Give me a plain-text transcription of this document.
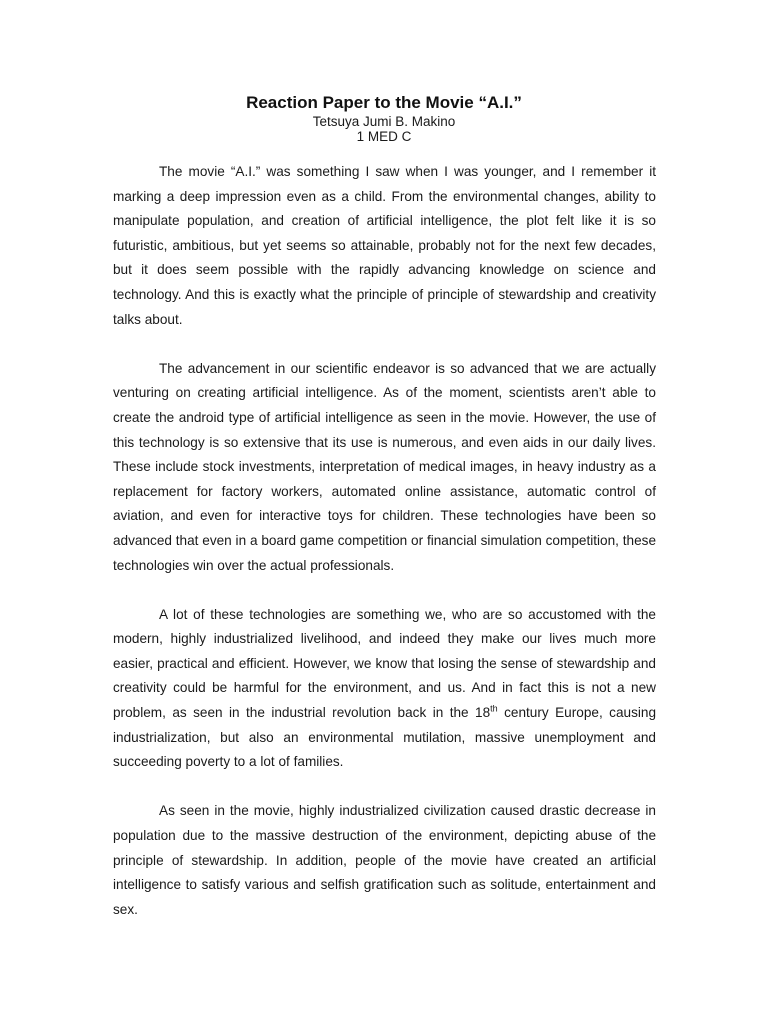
Reaction Paper to the Movie “A.I.”

Tetsuya Jumi B. Makino

1 MED C

The movie “A.I.” was something I saw when I was younger, and I remember it marking a deep impression even as a child. From the environmental changes, ability to manipulate population, and creation of artificial intelligence, the plot felt like it is so futuristic, ambitious, but yet seems so attainable, probably not for the next few decades, but it does seem possible with the rapidly advancing knowledge on science and technology. And this is exactly what the principle of principle of stewardship and creativity talks about.

The advancement in our scientific endeavor is so advanced that we are actually venturing on creating artificial intelligence. As of the moment, scientists aren’t able to create the android type of artificial intelligence as seen in the movie. However, the use of this technology is so extensive that its use is numerous, and even aids in our daily lives. These include stock investments, interpretation of medical images, in heavy industry as a replacement for factory workers, automated online assistance, automatic control of aviation, and even for interactive toys for children. These technologies have been so advanced that even in a board game competition or financial simulation competition, these technologies win over the actual professionals.

A lot of these technologies are something we, who are so accustomed with the modern, highly industrialized livelihood, and indeed they make our lives much more easier, practical and efficient. However, we know that losing the sense of stewardship and creativity could be harmful for the environment, and us. And in fact this is not a new problem, as seen in the industrial revolution back in the 18th century Europe, causing industrialization, but also an environmental mutilation, massive unemployment and succeeding poverty to a lot of families.

As seen in the movie, highly industrialized civilization caused drastic decrease in population due to the massive destruction of the environment, depicting abuse of the principle of stewardship. In addition, people of the movie have created an artificial intelligence to satisfy various and selfish gratification such as solitude, entertainment and sex.
